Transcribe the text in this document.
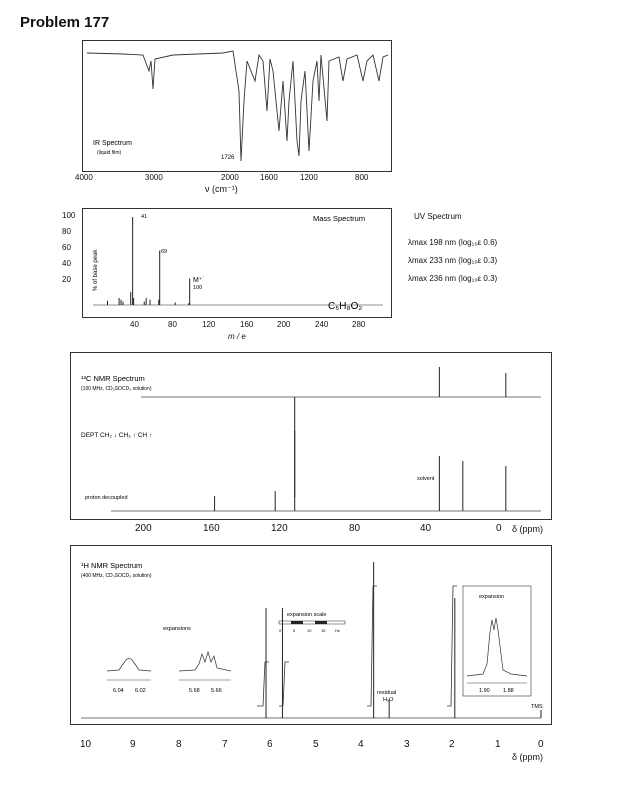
Problem 177
IR Spectrum
(liquid film)
1726
4000	3000	2000	1600	1200	800
ν (cm⁻¹)
Mass Spectrum
41
69
M⁺˙
100
C₅H₈O₂
% of base peak
100
80
60
40
20
40	80	120	160	200	240	280
m / e
UV Spectrum
λmax 198 nm (log₁₀ε 0.6)
λmax 233 nm (log₁₀ε 0.3)
λmax 236 nm (log₁₀ε 0.3)
¹³C NMR Spectrum
(100 MHz, CD₃SOCD₃ solution)
DEPT CH₂ ↓ CH₃ ↑ CH ↑
proton decoupled
solvent
200	160	120	80	40	0 δ (ppm)
¹H NMR Spectrum
(400 MHz, CD₃SOCD₃ solution)
expansions
6.04 6.02	5.68 5.66
expansion scale
0	5	10 15 Hz
expansion
1.90 1.88
residual
H₂O
TMS
10	9	8	7	6	5	4	3	2	1	0
δ (ppm)
